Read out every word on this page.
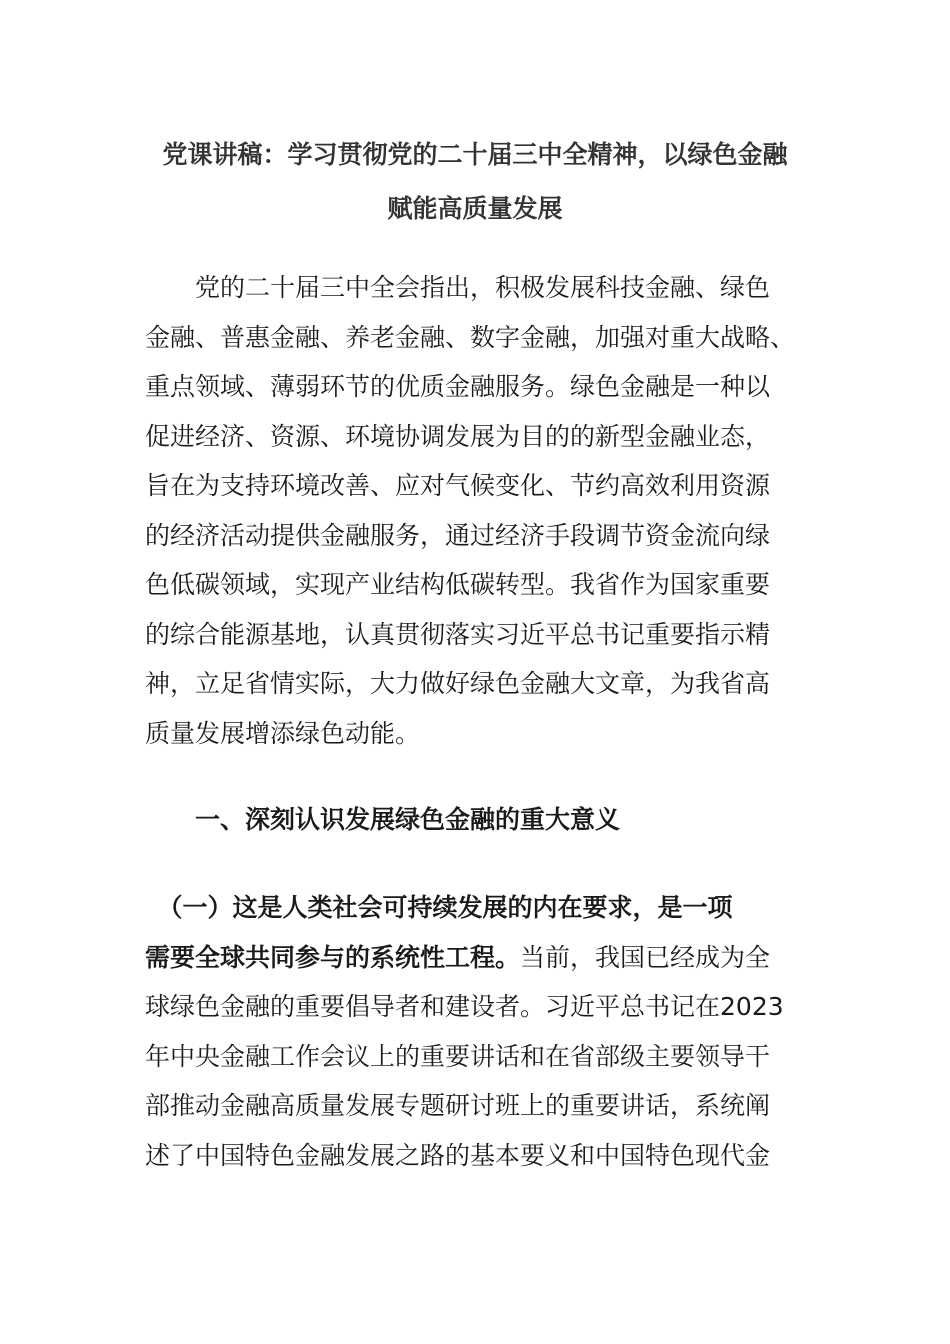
党课讲稿：学习贯彻党的二十届三中全精神，以绿色金融
赋能高质量发展
　　党的二十届三中全会指出，积极发展科技金融、绿色
金融、普惠金融、养老金融、数字金融，加强对重大战略、
重点领域、薄弱环节的优质金融服务。绿色金融是一种以
促进经济、资源、环境协调发展为目的的新型金融业态，
旨在为支持环境改善、应对气候变化、节约高效利用资源
的经济活动提供金融服务，通过经济手段调节资金流向绿
色低碳领域，实现产业结构低碳转型。我省作为国家重要
的综合能源基地，认真贯彻落实习近平总书记重要指示精
神，立足省情实际，大力做好绿色金融大文章，为我省高
质量发展增添绿色动能。
一、深刻认识发展绿色金融的重大意义
　（一）这是人类社会可持续发展的内在要求，是一项
需要全球共同参与的系统性工程。当前，我国已经成为全
球绿色金融的重要倡导者和建设者。习近平总书记在2023
年中央金融工作会议上的重要讲话和在省部级主要领导干
部推动金融高质量发展专题研讨班上的重要讲话，系统阐
述了中国特色金融发展之路的基本要义和中国特色现代金
